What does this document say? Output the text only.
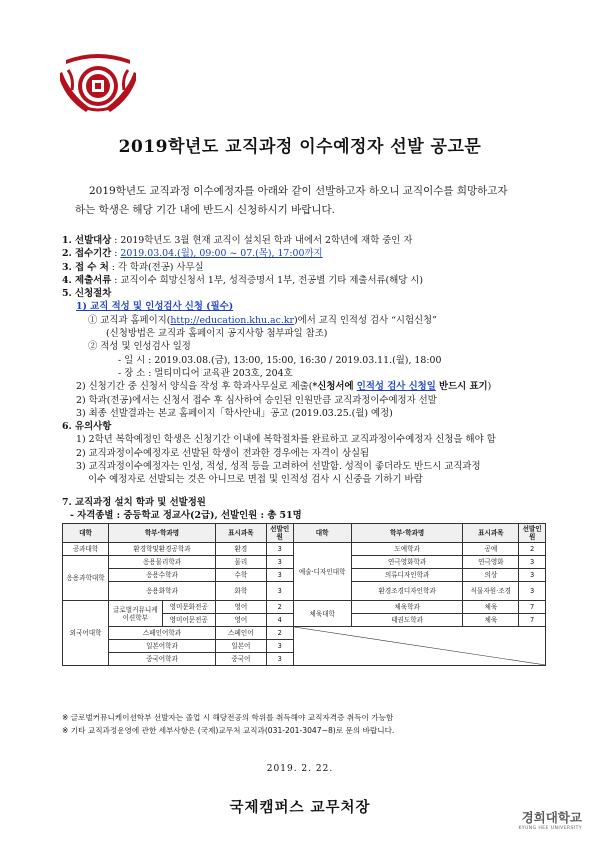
2019학년도 교직과정 이수예정자 선발 공고문

2019학년도 교직과정 이수예정자를 아래와 같이 선발하고자 하오니 교직이수를 희망하고자

하는 학생은 해당 기간 내에 반드시 신청하시기 바랍니다.

1. 선발대상 : 2019학년도 3월 현재 교직이 설치된 학과 내에서 2학년에 재학 중인 자
2. 접수기간 : 2019.03.04.(월), 09:00 ~ 07.(목), 17:00까지
3. 접 수 처 : 각 학과(전공) 사무실
4. 제출서류 : 교직이수 희망신청서 1부, 성적증명서 1부, 전공별 기타 제출서류(해당 시)
5. 신청절차
1) 교직 적성 및 인성검사 신청 (필수)
① 교직과 홈페이지(http://education.khu.ac.kr)에서 교직 인적성 검사 “시험신청”
(신청방법은 교직과 홈페이지 공지사항 첨부파일 참조)
② 적성 및 인성검사 일정
- 일 시 : 2019.03.08.(금), 13:00, 15:00, 16:30 / 2019.03.11.(월), 18:00
- 장 소 : 멀티미디어 교육관 203호, 204호
2) 신청기간 중 신청서 양식을 작성 후 학과사무실로 제출(*신청서에 인적성 검사 신청일 반드시 표기)
2) 학과(전공)에서는 신청서 접수 후 심사하여 승인된 인원만큼 교직과정이수예정자 선발
3) 최종 선발결과는 본교 홈페이지「학사안내」공고 (2019.03.25.(월) 예정)
6. 유의사항
1) 2학년 복학예정인 학생은 신청기간 이내에 복학절차를 완료하고 교직과정이수예정자 신청을 해야 함
2) 교직과정이수예정자로 선발된 학생이 전과한 경우에는 자격이 상실됨
3) 교직과정이수예정자는 인성, 적성, 성적 등을 고려하여 선발함. 성적이 좋더라도 반드시 교직과정
이수 예정자로 선발되는 것은 아니므로 면접 및 인적성 검사 시 신중을 기하기 바람
7. 교직과정 설치 학과 및 선발정원
- 자격종별 : 중등학교 정교사(2급), 선발인원 : 총 51명
대학	학부·학과명		표시과목	선발인원	대학	학부·학과명	표시과목	선발인원
공과대학	환경학및환경공학과		환경	3	예술·디자인대학	도예학과	공예	2
응용과학대학	응용물리학과		물리	3		연극영화학과	연극영화	3
	응용수학과		수학	3		의류디자인학과	의상	3
	응용화학과		화학	3		환경조경디자인학과	식물자원·조경	3
외국어대학	글로벌커뮤니케이션학부	영미문화전공	영어	2	체육대학	체육학과	체육	7
		영미어문전공	영어	4		태권도학과	체육	7
	스페인어학과		스페인어	2	

	일본어학과		일본어	3				
	중국어학과		중국어	3				
※ 글로벌커뮤니케이션학부 선발자는 졸업 시 해당전공의 학위를 취득해야 교직자격증 취득이 가능함
※ 기타 교직과정운영에 관한 세부사항은 (국제)교무처 교직과(031-201-3047~8)로 문의 바랍니다.
2019. 2. 22.
국제캠퍼스 교무처장
경희대학교
KYUNG HEE UNIVERSITY
